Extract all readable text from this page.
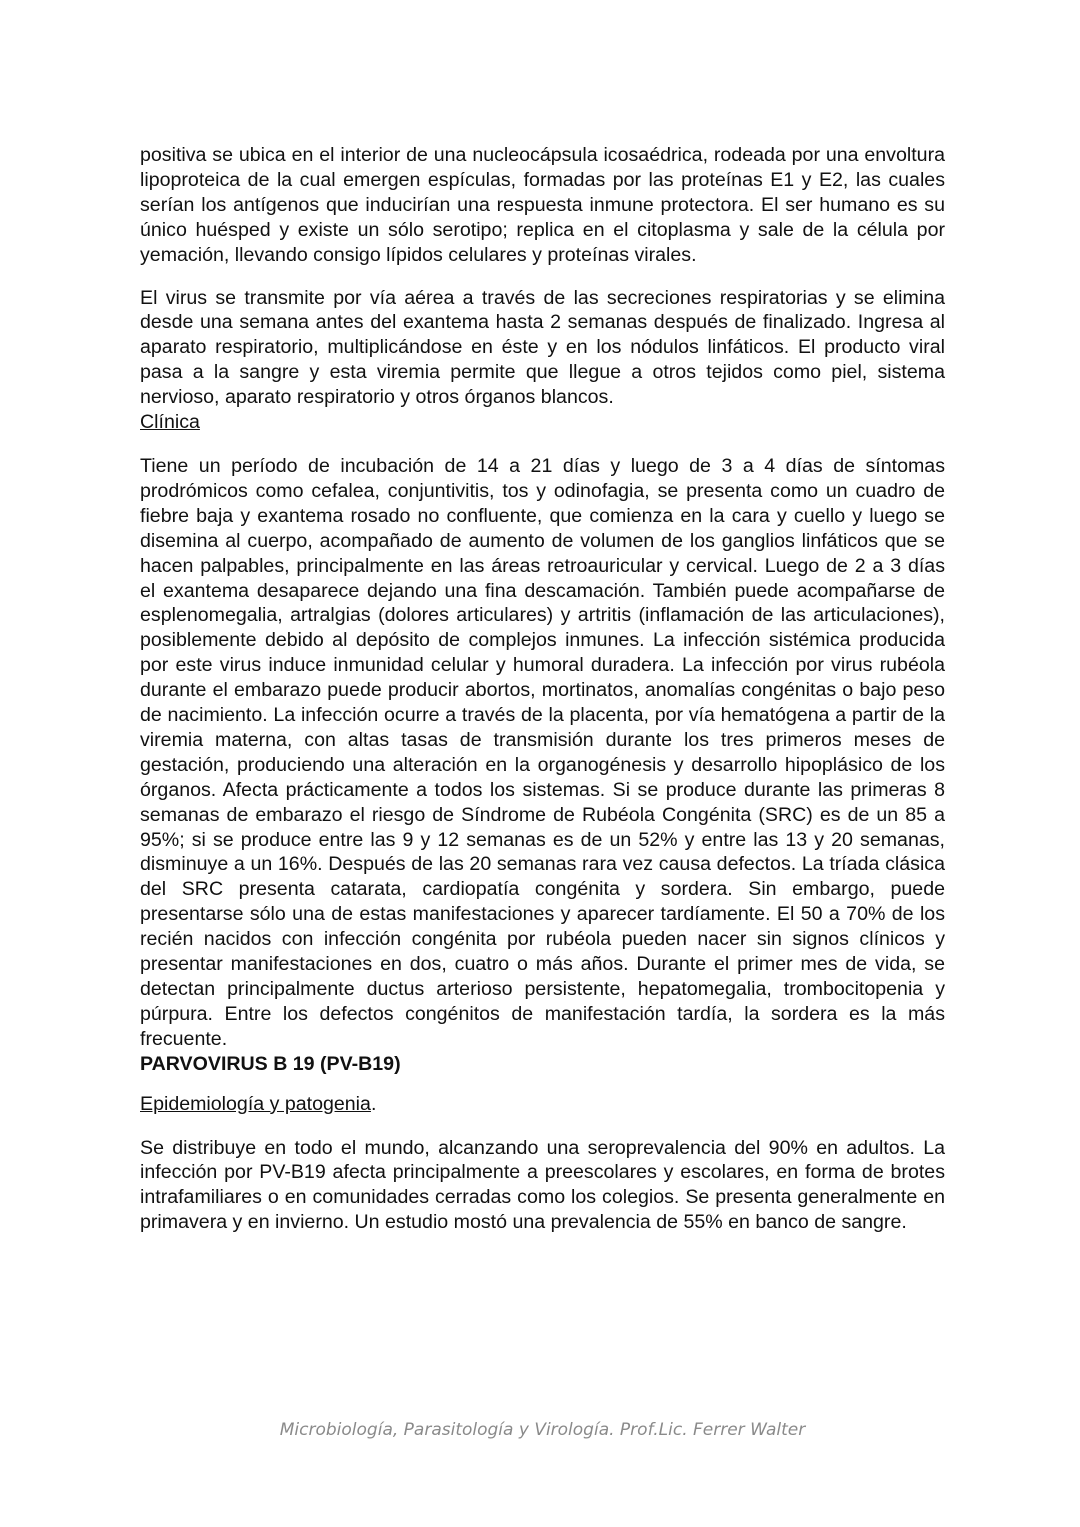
positiva se ubica en el interior de una nucleocápsula icosaédrica, rodeada por una envoltura lipoproteica de la cual emergen espículas, formadas por las proteínas E1 y E2, las cuales serían los antígenos que inducirían una respuesta inmune protectora. El ser humano es su único huésped y existe un sólo serotipo; replica en el citoplasma y sale de la célula por yemación, llevando consigo lípidos celulares y proteínas virales.

El virus se transmite por vía aérea a través de las secreciones respiratorias y se elimina desde una semana antes del exantema hasta 2 semanas después de finalizado. Ingresa al aparato respiratorio, multiplicándose en éste y en los nódulos linfáticos. El producto viral pasa a la sangre y esta viremia permite que llegue a otros tejidos como piel, sistema nervioso, aparato respiratorio y otros órganos blancos.

Clínica

Tiene un período de incubación de 14 a 21 días y luego de 3 a 4 días de síntomas prodrómicos como cefalea, conjuntivitis, tos y odinofagia, se presenta como un cuadro de fiebre baja y exantema rosado no confluente, que comienza en la cara y cuello y luego se disemina al cuerpo, acompañado de aumento de volumen de los ganglios linfáticos que se hacen palpables, principalmente en las áreas retroauricular y cervical. Luego de 2 a 3 días el exantema desaparece dejando una fina descamación. También puede acompañarse de esplenomegalia, artralgias (dolores articulares) y artritis (inflamación de las articulaciones), posiblemente debido al depósito de complejos inmunes. La infección sistémica producida por este virus induce inmunidad celular y humoral duradera. La infección por virus rubéola durante el embarazo puede producir abortos, mortinatos, anomalías congénitas o bajo peso de nacimiento. La infección ocurre a través de la placenta, por vía hematógena a partir de la viremia materna, con altas tasas de transmisión durante los tres primeros meses de gestación, produciendo una alteración en la organogénesis y desarrollo hipoplásico de los órganos. Afecta prácticamente a todos los sistemas. Si se produce durante las primeras 8 semanas de embarazo el riesgo de Síndrome de Rubéola Congénita (SRC) es de un 85 a 95%; si se produce entre las 9 y 12 semanas es de un 52% y entre las 13 y 20 semanas, disminuye a un 16%. Después de las 20 semanas rara vez causa defectos. La tríada clásica del SRC presenta catarata, cardiopatía congénita y sordera. Sin embargo, puede presentarse sólo una de estas manifestaciones y aparecer tardíamente. El 50 a 70% de los recién nacidos con infección congénita por rubéola pueden nacer sin signos clínicos y presentar manifestaciones en dos, cuatro o más años. Durante el primer mes de vida, se detectan principalmente ductus arterioso persistente, hepatomegalia, trombocitopenia y púrpura. Entre los defectos congénitos de manifestación tardía, la sordera es la más frecuente.

PARVOVIRUS B 19 (PV-B19)
Epidemiología y patogenia.

Se distribuye en todo el mundo, alcanzando una seroprevalencia del 90% en adultos. La infección por PV-B19 afecta principalmente a preescolares y escolares, en forma de brotes intrafamiliares o en comunidades cerradas como los colegios. Se presenta generalmente en primavera y en invierno. Un estudio mostó una prevalencia de 55% en banco de sangre.

Microbiología, Parasitología y Virología. Prof.Lic. Ferrer Walter
